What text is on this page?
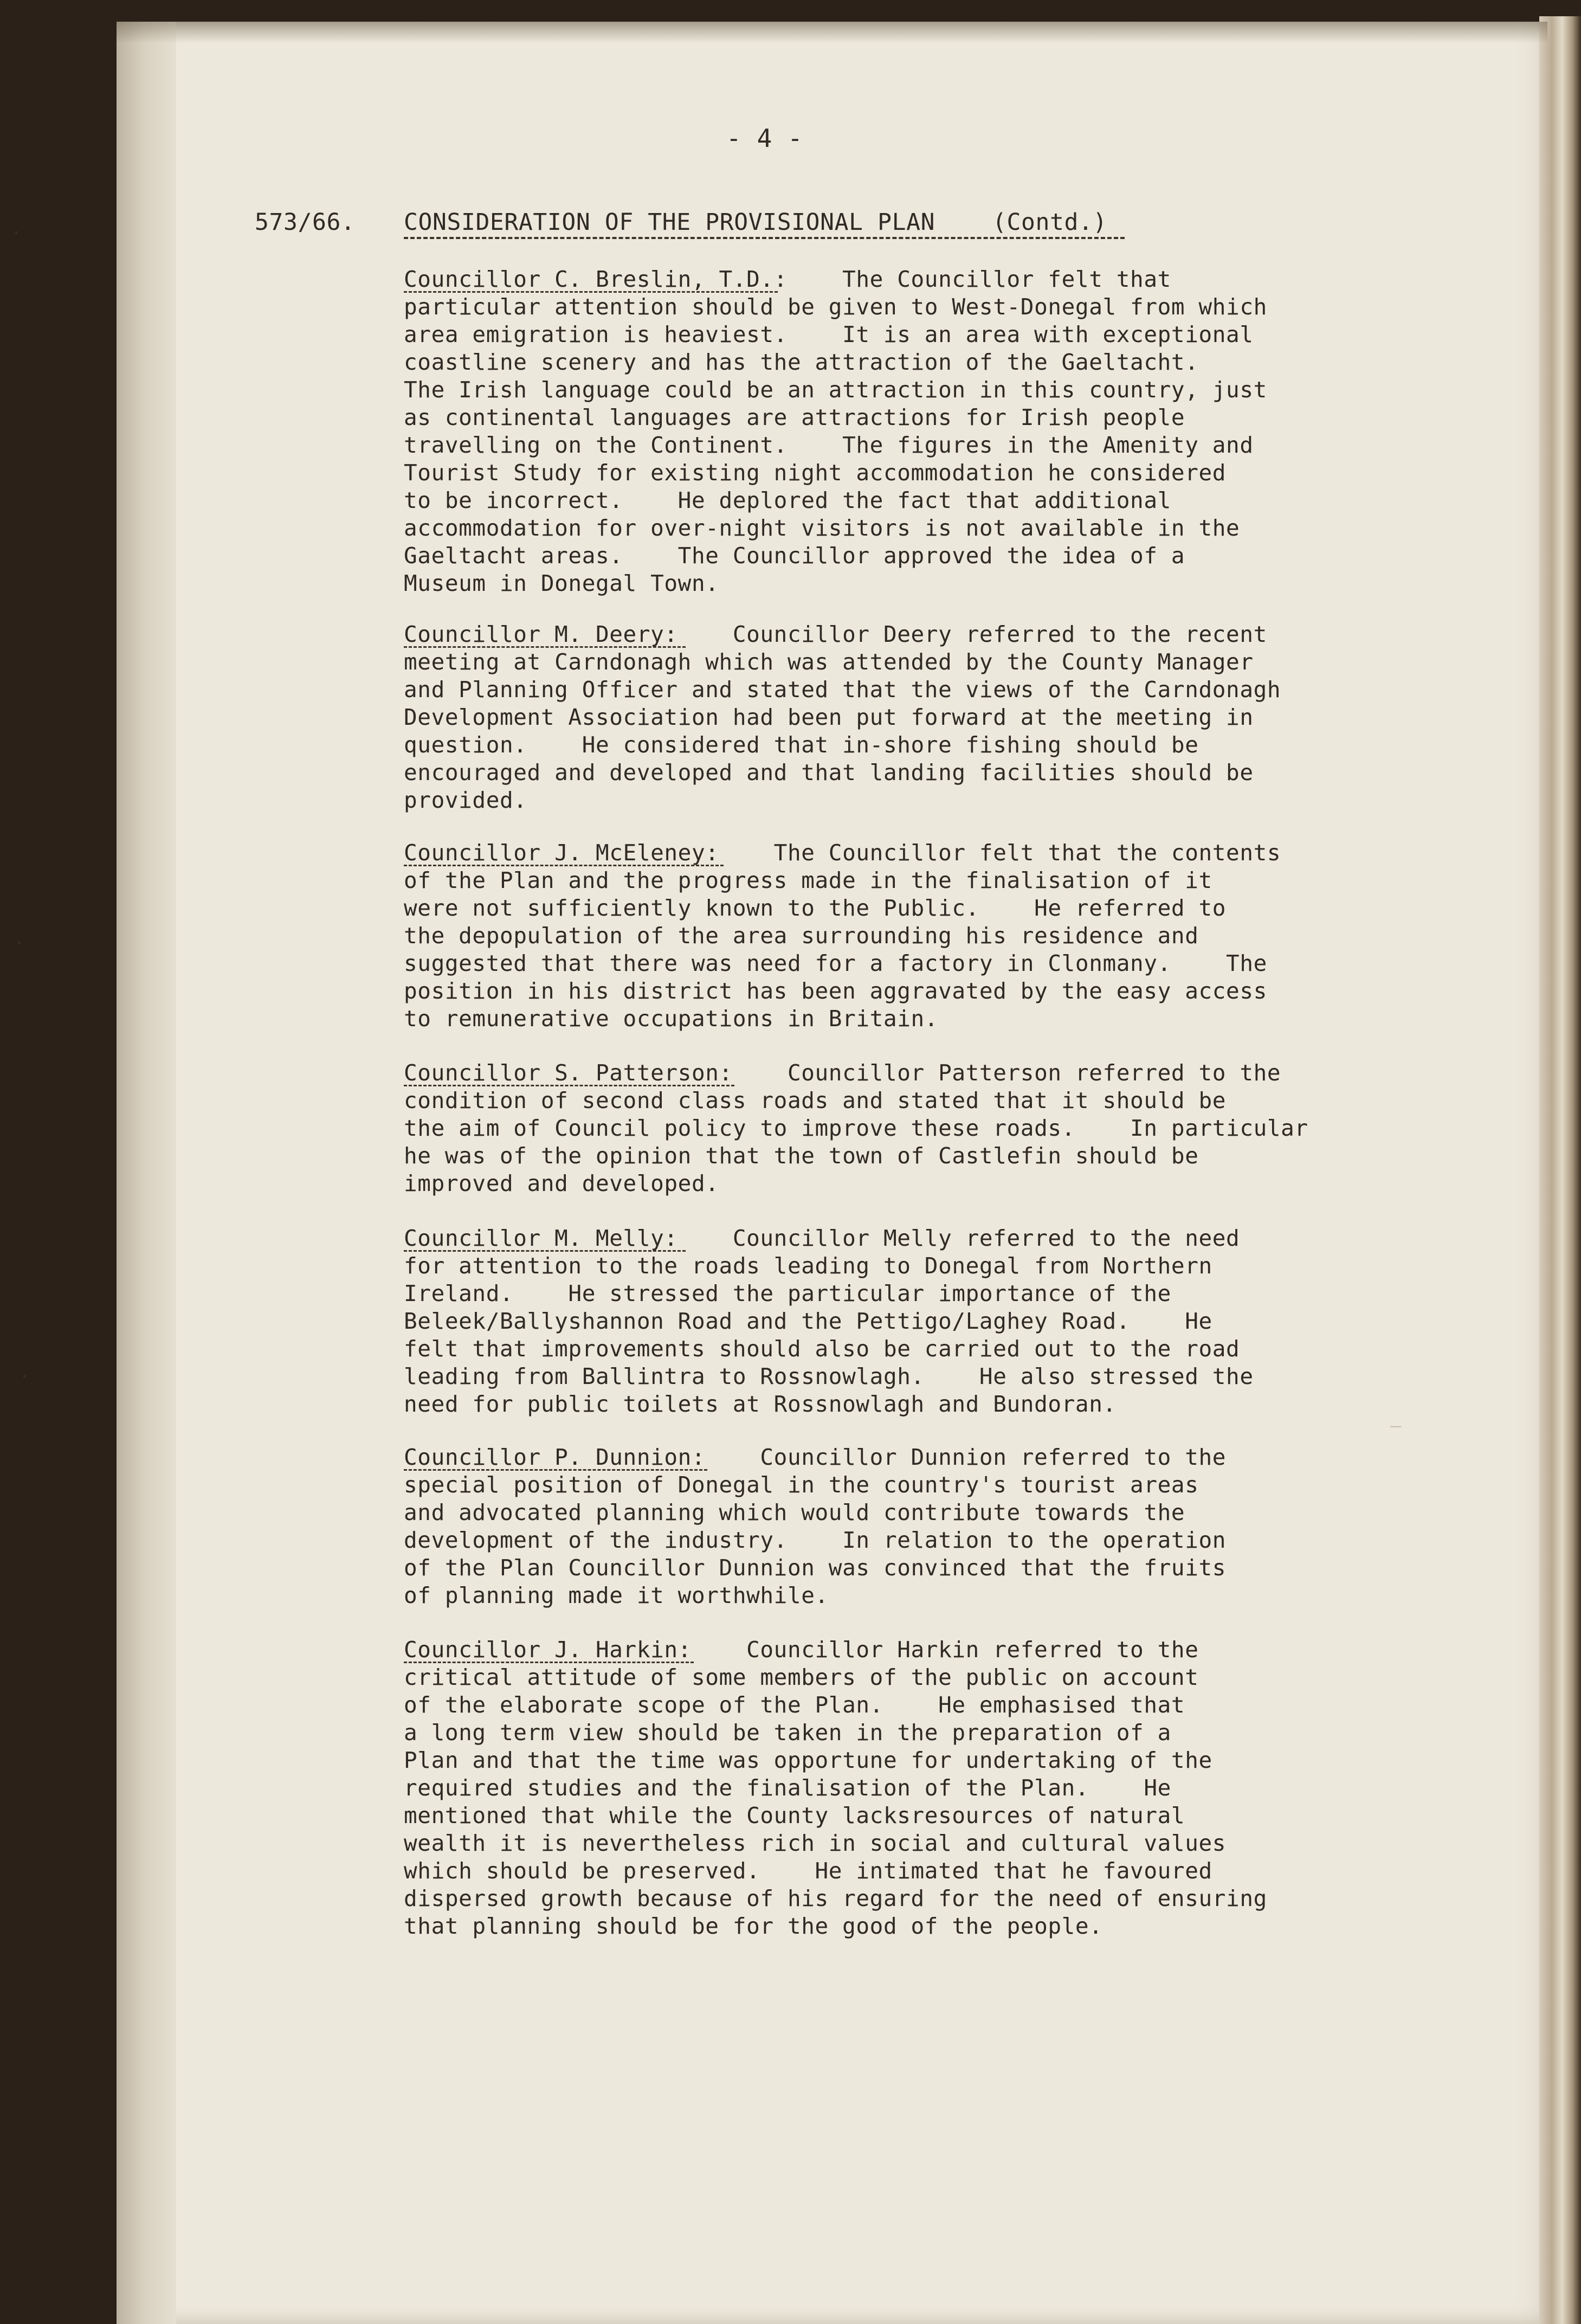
- 4 -
573/66. CONSIDERATION OF THE PROVISIONAL PLAN    (Contd.)
Councillor C. Breslin, T.D.:    The Councillor felt that
particular attention should be given to West-Donegal from which
area emigration is heaviest.    It is an area with exceptional
coastline scenery and has the attraction of the Gaeltacht.
The Irish language could be an attraction in this country, just
as continental languages are attractions for Irish people
travelling on the Continent.    The figures in the Amenity and
Tourist Study for existing night accommodation he considered
to be incorrect.    He deplored the fact that additional
accommodation for over-night visitors is not available in the
Gaeltacht areas.    The Councillor approved the idea of a
Museum in Donegal Town.
Councillor M. Deery:    Councillor Deery referred to the recent
meeting at Carndonagh which was attended by the County Manager
and Planning Officer and stated that the views of the Carndonagh
Development Association had been put forward at the meeting in
question.    He considered that in-shore fishing should be
encouraged and developed and that landing facilities should be
provided.
Councillor J. McEleney:    The Councillor felt that the contents
of the Plan and the progress made in the finalisation of it
were not sufficiently known to the Public.    He referred to
the depopulation of the area surrounding his residence and
suggested that there was need for a factory in Clonmany.    The
position in his district has been aggravated by the easy access
to remunerative occupations in Britain.
Councillor S. Patterson:    Councillor Patterson referred to the
condition of second class roads and stated that it should be
the aim of Council policy to improve these roads.    In particular
he was of the opinion that the town of Castlefin should be
improved and developed.
Councillor M. Melly:    Councillor Melly referred to the need
for attention to the roads leading to Donegal from Northern
Ireland.    He stressed the particular importance of the
Beleek/Ballyshannon Road and the Pettigo/Laghey Road.    He
felt that improvements should also be carried out to the road
leading from Ballintra to Rossnowlagh.    He also stressed the
need for public toilets at Rossnowlagh and Bundoran.
Councillor P. Dunnion:    Councillor Dunnion referred to the
special position of Donegal in the country's tourist areas
and advocated planning which would contribute towards the
development of the industry.    In relation to the operation
of the Plan Councillor Dunnion was convinced that the fruits
of planning made it worthwhile.
Councillor J. Harkin:    Councillor Harkin referred to the
critical attitude of some members of the public on account
of the elaborate scope of the Plan.    He emphasised that
a long term view should be taken in the preparation of a
Plan and that the time was opportune for undertaking of the
required studies and the finalisation of the Plan.    He
mentioned that while the County lacksresources of natural
wealth it is nevertheless rich in social and cultural values
which should be preserved.    He intimated that he favoured
dispersed growth because of his regard for the need of ensuring
that planning should be for the good of the people.
—
·
·
·
